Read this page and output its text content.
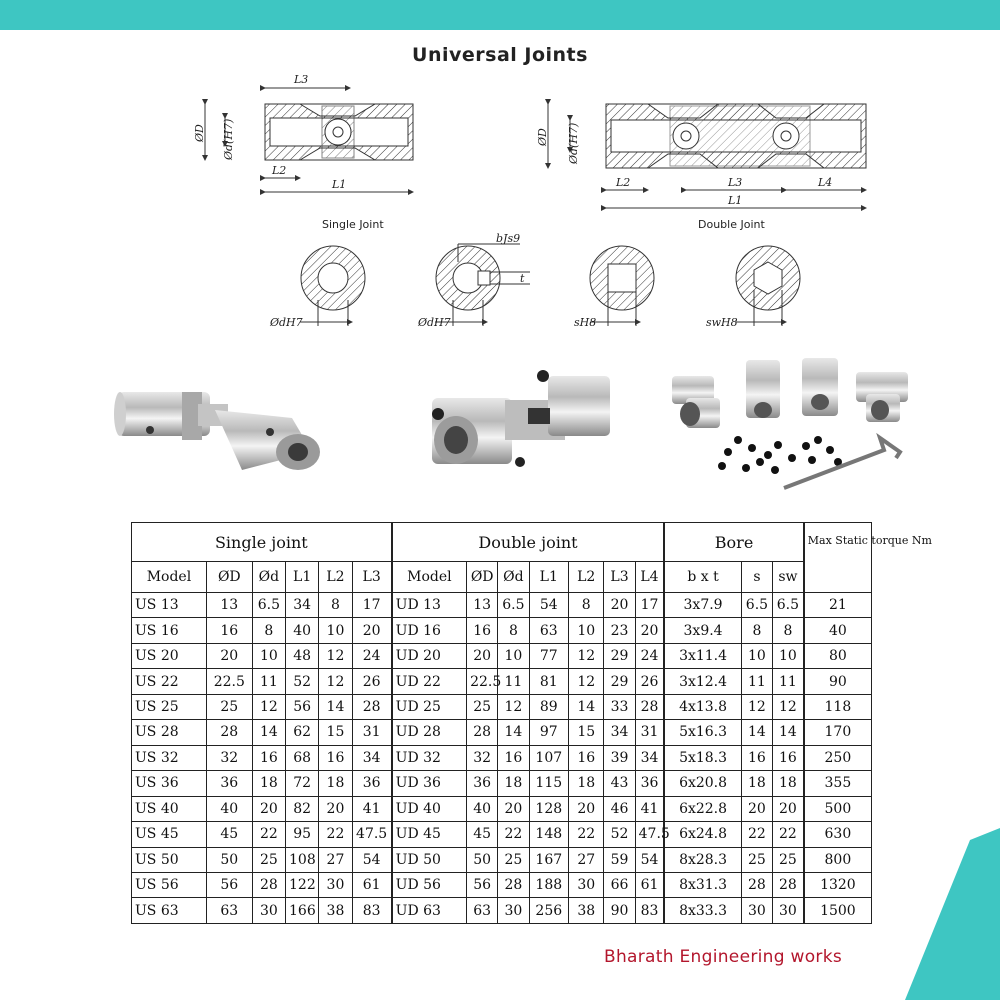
Universal Joints
L3
L2
L1
ØD Ød(H7)
Single Joint
L2	L3	L4
L1
ØD Ød(H7)
Double Joint
ØdH7
bJs9
t
ØdH7	sH8	swH8
Single joint						Double joint							Bore			Max Static torque Nm
Model	ØD	Ød	L1	L2	L3	Model	ØD	Ød	L1	L2	L3	L4	b x t	s	sw	
US 13	13	6.5	34	8	17	UD 13	13	6.5	54	8	20	17	3x7.9	6.5	6.5	21
US 16	16	8	40	10	20	UD 16	16	8	63	10	23	20	3x9.4	8	8	40
US 20	20	10	48	12	24	UD 20	20	10	77	12	29	24	3x11.4	10	10	80
US 22	22.5	11	52	12	26	UD 22	22.5	11	81	12	29	26	3x12.4	11	11	90
US 25	25	12	56	14	28	UD 25	25	12	89	14	33	28	4x13.8	12	12	118
US 28	28	14	62	15	31	UD 28	28	14	97	15	34	31	5x16.3	14	14	170
US 32	32	16	68	16	34	UD 32	32	16	107	16	39	34	5x18.3	16	16	250
US 36	36	18	72	18	36	UD 36	36	18	115	18	43	36	6x20.8	18	18	355
US 40	40	20	82	20	41	UD 40	40	20	128	20	46	41	6x22.8	20	20	500
US 45	45	22	95	22	47.5	UD 45	45	22	148	22	52	47.5	6x24.8	22	22	630
US 50	50	25	108	27	54	UD 50	50	25	167	27	59	54	8x28.3	25	25	800
US 56	56	28	122	30	61	UD 56	56	28	188	30	66	61	8x31.3	28	28	1320
US 63	63	30	166	38	83	UD 63	63	30	256	38	90	83	8x33.3	30	30	1500
Bharath Engineering works
